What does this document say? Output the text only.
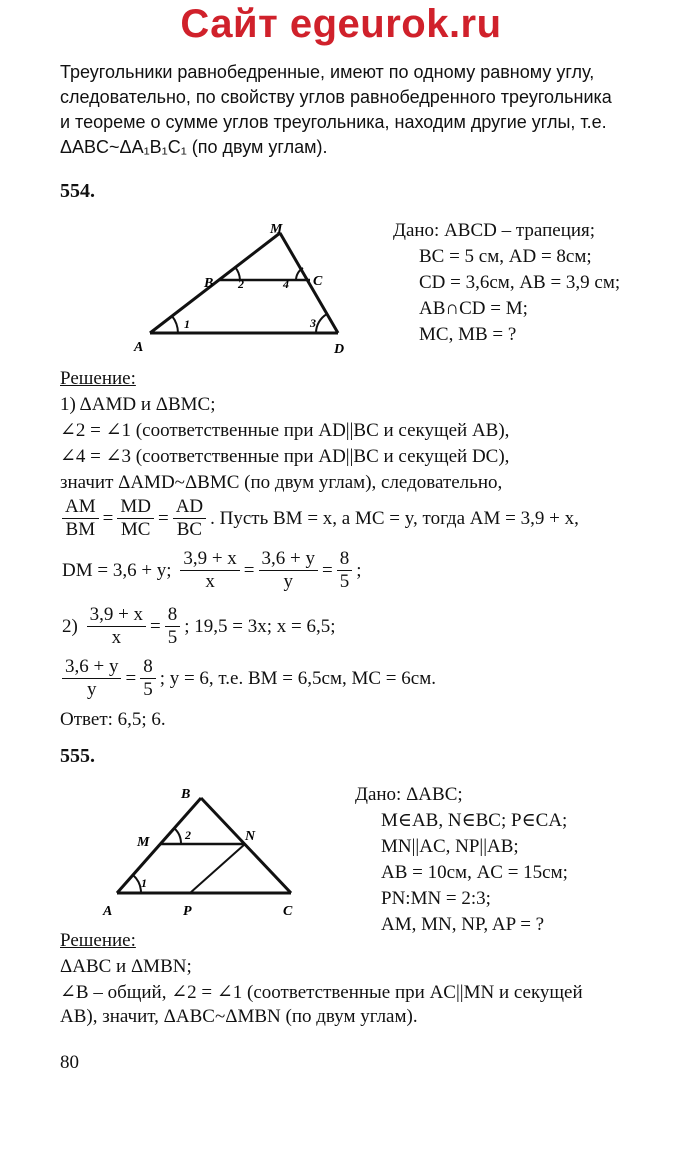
Сайт egeurok.ru
Треугольники равнобедренные, имеют по одному равному углу,
следовательно, по свойству углов равнобедренного треугольника
и теореме о сумме углов треугольника, находим другие углы, т.е.
ΔABC~ΔA₁B₁C₁ (по двум углам).
554.
M
B	C
A	D
1
2
3
4
Дано: ABCD – трапеция;
BC = 5 см, AD = 8см;
CD = 3,6см, AB = 3,9 см;
AB∩CD = M;
MC, MB = ?
Решение:
1) ΔAMD и ΔBMC;
∠2 = ∠1 (соответственные при AD||BC и секущей AB),
∠4 = ∠3 (соответственные при AD||BC и секущей DC),
значит ΔAMD~ΔBMC (по двум углам), следовательно,
$\frac{AM}{BM} = \frac{MD}{MC} = \frac{AD}{BC}$ . Пусть BM = x, а MC = y, тогда AM = 3,9 + x,
DM = 3,6 + y; $\frac{3,9 + x}{x} = \frac{3,6 + y}{y} = \frac{8}{5}$ ;
$2) \frac{3,9 + x}{x} = \frac{8}{5}$ ; 19,5 = 3x; x = 6,5;
$\frac{3,6 + y}{y} = \frac{8}{5}$ ; y = 6, т.е. BM = 6,5см, MC = 6см.
Ответ: 6,5; 6.
555.
B
M	N
A	P	C
1
2
Дано: ΔABC;
M∈AB, N∈BC; P∈CA;
MN||AC, NP||AB;
AB = 10см, AC = 15см;
PN:MN = 2:3;
AM, MN, NP, AP = ?
Решение:
ΔABC и ΔMBN;
∠B – общий, ∠2 = ∠1 (соответственные при AC||MN и секущей
AB), значит, ΔABC~ΔMBN (по двум углам).
80
